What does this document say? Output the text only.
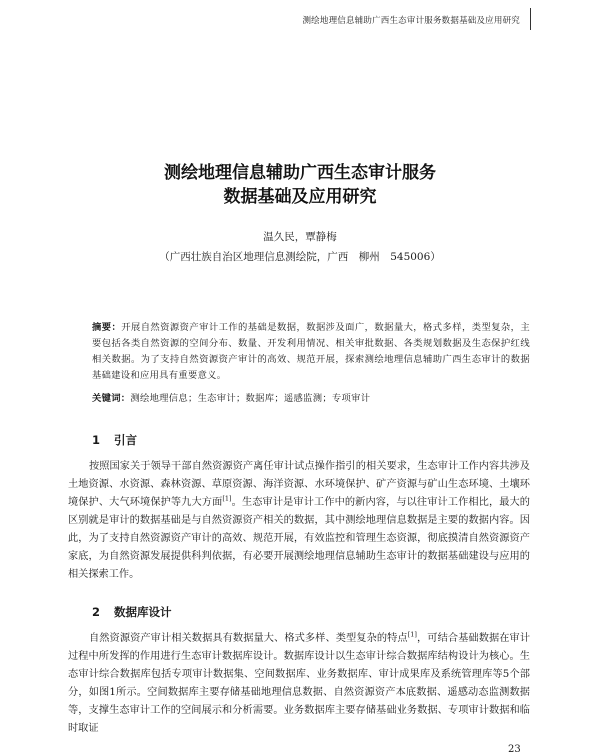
测绘地理信息辅助广西生态审计服务数据基础及应用研究
测绘地理信息辅助广西生态审计服务
数据基础及应用研究
温久民，覃静梅
（广西壮族自治区地理信息测绘院，广西　柳州　545006）
摘要：开展自然资源资产审计工作的基础是数据，数据涉及面广，数据量大，格式多样，类型复杂，主要包括各类自然资源的空间分布、数量、开发利用情况、相关审批数据、各类规划数据及生态保护红线相关数据。为了支持自然资源资产审计的高效、规范开展，探索测绘地理信息辅助广西生态审计的数据基础建设和应用具有重要意义。
关键词：测绘地理信息；生态审计；数据库；遥感监测；专项审计
1 引言

按照国家关于领导干部自然资源资产离任审计试点操作指引的相关要求，生态审计工作内容共涉及土地资源、水资源、森林资源、草原资源、海洋资源、水环境保护、矿产资源与矿山生态环境、土壤环境保护、大气环境保护等九大方面[1]。生态审计是审计工作中的新内容，与以往审计工作相比，最大的区别就是审计的数据基础是与自然资源资产相关的数据，其中测绘地理信息数据是主要的数据内容。因此，为了支持自然资源资产审计的高效、规范开展，有效监控和管理生态资源，彻底摸清自然资源资产家底，为自然资源发展提供科判依据，有必要开展测绘地理信息辅助生态审计的数据基础建设与应用的相关探索工作。

2 数据库设计

自然资源资产审计相关数据具有数据量大、格式多样、类型复杂的特点[1]，可结合基础数据在审计过程中所发挥的作用进行生态审计数据库设计。数据库设计以生态审计综合数据库结构设计为核心。生态审计综合数据库包括专项审计数据集、空间数据库、业务数据库、审计成果库及系统管理库等5个部分，如图1所示。空间数据库主要存储基础地理信息数据、自然资源资产本底数据、遥感动态监测数据等，支撑生态审计工作的空间展示和分析需要。业务数据库主要存储基础业务数据、专项审计数据和临时取证

23
